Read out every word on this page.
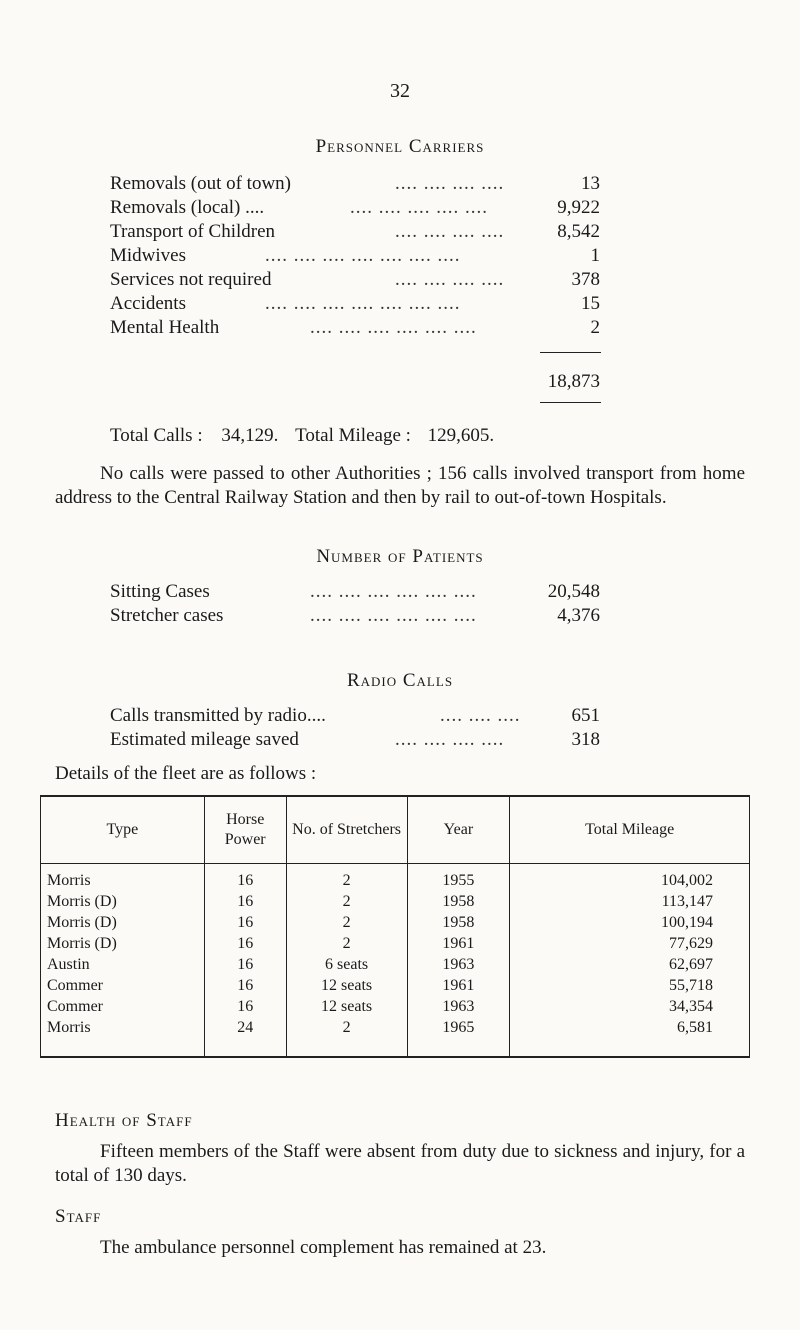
32
Personnel Carriers
Removals (out of town)	.... .... .... ....	13
Removals (local) ....	.... .... .... .... ....	9,922
Transport of Children	.... .... .... ....	8,542
Midwives	.... .... .... .... .... .... ....	1
Services not required	.... .... .... ....	378
Accidents	.... .... .... .... .... .... ....	15
Mental Health	.... .... .... .... .... ....	2
18,873
Total Calls : 34,129. Total Mileage : 129,605.
No calls were passed to other Authorities ; 156 calls involved transport from home address to the Central Railway Station and then by rail to out-of-town Hospitals.
Number of Patients
Sitting Cases	.... .... .... .... .... ....	20,548
Stretcher cases	.... .... .... .... .... ....	4,376
Radio Calls
Calls transmitted by radio....	.... .... ....	651
Estimated mileage saved	.... .... .... ....	318
Details of the fleet are as follows :
Type	Horse Power	No. of Stretchers	Year	Total Mileage
Morris	16	2	1955	104,002
Morris (D)	16	2	1958	113,147
Morris (D)	16	2	1958	100,194
Morris (D)	16	2	1961	77,629
Austin	16	6 seats	1963	62,697
Commer	16	12 seats	1961	55,718
Commer	16	12 seats	1963	34,354
Morris	24	2	1965	6,581
Health of Staff
Fifteen members of the Staff were absent from duty due to sickness and injury, for a total of 130 days.
Staff
The ambulance personnel complement has remained at 23.
